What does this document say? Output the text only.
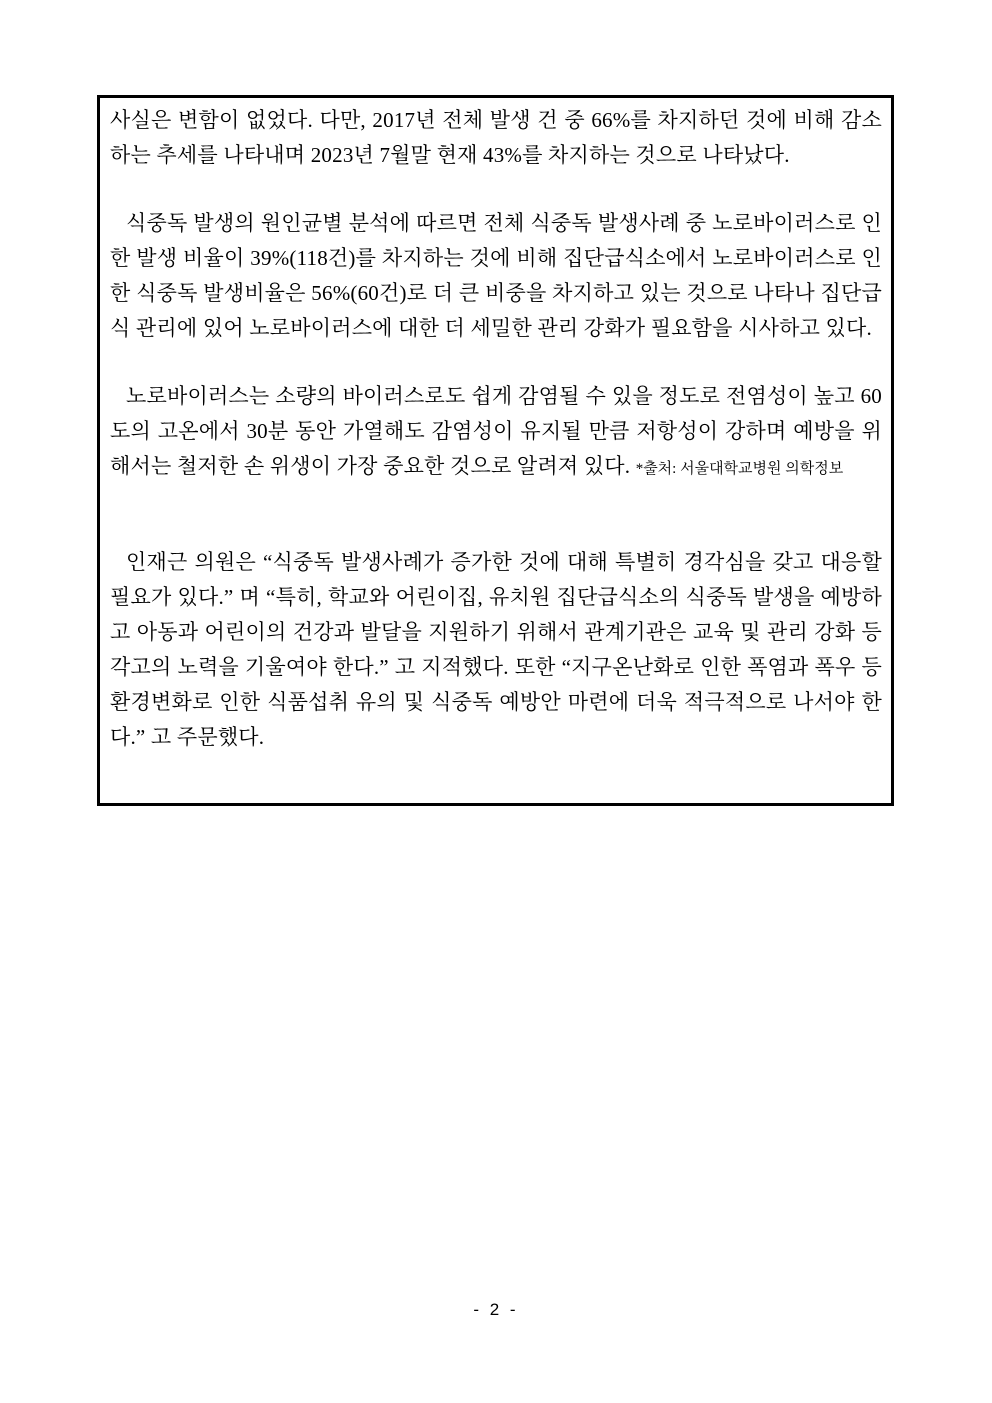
사실은 변함이 없었다. 다만, 2017년 전체 발생 건 중 66%를 차지하던 것에 비해 감소하는 추세를 나타내며 2023년 7월말 현재 43%를 차지하는 것으로 나타났다.

식중독 발생의 원인균별 분석에 따르면 전체 식중독 발생사례 중 노로바이러스로 인한 발생 비율이 39%(118건)를 차지하는 것에 비해 집단급식소에서 노로바이러스로 인한 식중독 발생비율은 56%(60건)로 더 큰 비중을 차지하고 있는 것으로 나타나 집단급식 관리에 있어 노로바이러스에 대한 더 세밀한 관리 강화가 필요함을 시사하고 있다.

노로바이러스는 소량의 바이러스로도 쉽게 감염될 수 있을 정도로 전염성이 높고 60도의 고온에서 30분 동안 가열해도 감염성이 유지될 만큼 저항성이 강하며 예방을 위해서는 철저한 손 위생이 가장 중요한 것으로 알려져 있다. *출처: 서울대학교병원 의학정보

인재근 의원은 “식중독 발생사례가 증가한 것에 대해 특별히 경각심을 갖고 대응할 필요가 있다.” 며 “특히, 학교와 어린이집, 유치원 집단급식소의 식중독 발생을 예방하고 아동과 어린이의 건강과 발달을 지원하기 위해서 관계기관은 교육 및 관리 강화 등 각고의 노력을 기울여야 한다.” 고 지적했다. 또한 “지구온난화로 인한 폭염과 폭우 등 환경변화로 인한 식품섭취 유의 및 식중독 예방안 마련에 더욱 적극적으로 나서야 한다.” 고 주문했다.

- 2 -
